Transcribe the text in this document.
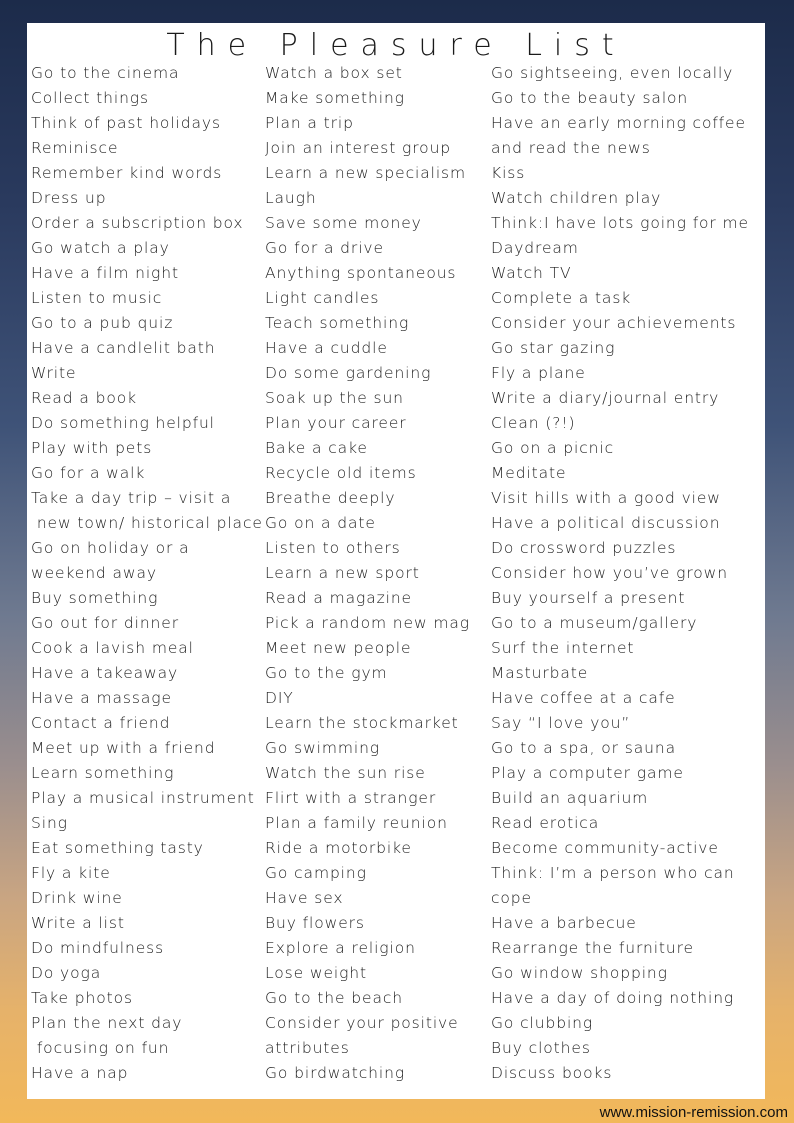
The Pleasure List
Go to the cinema
Collect things
Think of past holidays
Reminisce
Remember kind words
Dress up
Order a subscription box
Go watch a play
Have a film night
Listen to music
Go to a pub quiz
Have a candlelit bath
Write
Read a book
Do something helpful
Play with pets
Go for a walk
Take a day trip – visit a
new town/ historical place
Go on holiday or a
weekend away
Buy something
Go out for dinner
Cook a lavish meal
Have a takeaway
Have a massage
Contact a friend
Meet up with a friend
Learn something
Play a musical instrument
Sing
Eat something tasty
Fly a kite
Drink wine
Write a list
Do mindfulness
Do yoga
Take photos
Plan the next day
focusing on fun
Have a nap
Watch a box set
Make something
Plan a trip
Join an interest group
Learn a new specialism
Laugh
Save some money
Go for a drive
Anything spontaneous
Light candles
Teach something
Have a cuddle
Do some gardening
Soak up the sun
Plan your career
Bake a cake
Recycle old items
Breathe deeply
Go on a date
Listen to others
Learn a new sport
Read a magazine
Pick a random new mag
Meet new people
Go to the gym
DIY
Learn the stockmarket
Go swimming
Watch the sun rise
Flirt with a stranger
Plan a family reunion
Ride a motorbike
Go camping
Have sex
Buy flowers
Explore a religion
Lose weight
Go to the beach
Consider your positive
attributes
Go birdwatching
Go sightseeing, even locally
Go to the beauty salon
Have an early morning coffee
and read the news
Kiss
Watch children play
Think:I have lots going for me
Daydream
Watch TV
Complete a task
Consider your achievements
Go star gazing
Fly a plane
Write a diary/journal entry
Clean (?!)
Go on a picnic
Meditate
Visit hills with a good view
Have a political discussion
Do crossword puzzles
Consider how you’ve grown
Buy yourself a present
Go to a museum/gallery
Surf the internet
Masturbate
Have coffee at a cafe
Say “I love you”
Go to a spa, or sauna
Play a computer game
Build an aquarium
Read erotica
Become community-active
Think: I’m a person who can
cope
Have a barbecue
Rearrange the furniture
Go window shopping
Have a day of doing nothing
Go clubbing
Buy clothes
Discuss books
www.mission-remission.com
